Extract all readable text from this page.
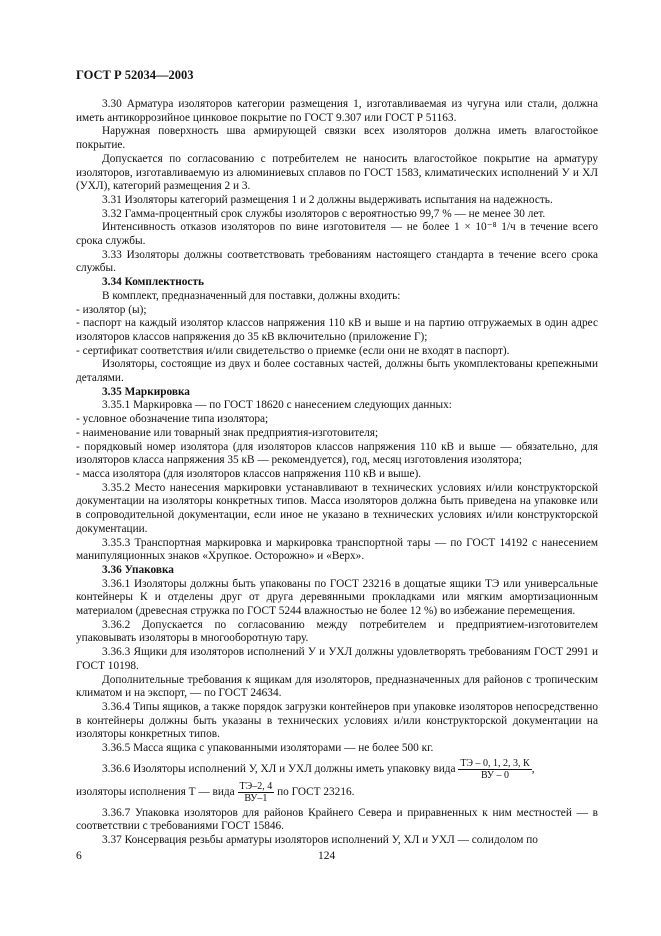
ГОСТ Р 52034—2003

3.30 Арматура изоляторов категории размещения 1, изготавливаемая из чугуна или стали, должна иметь антикоррозийное цинковое покрытие по ГОСТ 9.307 или ГОСТ Р 51163.

Наружная поверхность шва армирующей связки всех изоляторов должна иметь влагостойкое покрытие.

Допускается по согласованию с потребителем не наносить влагостойкое покрытие на арматуру изоляторов, изготавливаемую из алюминиевых сплавов по ГОСТ 1583, климатических исполнений У и ХЛ (УХЛ), категорий размещения 2 и 3.

3.31 Изоляторы категорий размещения 1 и 2 должны выдерживать испытания на надежность.

3.32 Гамма-процентный срок службы изоляторов с вероятностью 99,7 % — не менее 30 лет.

Интенсивность отказов изоляторов по вине изготовителя — не более 1 × 10⁻⁸ 1/ч в течение всего срока службы.

3.33 Изоляторы должны соответствовать требованиям настоящего стандарта в течение всего срока службы.

3.34 Комплектность

В комплект, предназначенный для поставки, должны входить:

- изолятор (ы);

- паспорт на каждый изолятор классов напряжения 110 кВ и выше и на партию отгружаемых в один адрес изоляторов классов напряжения до 35 кВ включительно (приложение Г);

- сертификат соответствия и/или свидетельство о приемке (если они не входят в паспорт).

Изоляторы, состоящие из двух и более составных частей, должны быть укомплектованы крепежными деталями.

3.35 Маркировка

3.35.1 Маркировка — по ГОСТ 18620 с нанесением следующих данных:

- условное обозначение типа изолятора;

- наименование или товарный знак предприятия-изготовителя;

- порядковый номер изолятора (для изоляторов классов напряжения 110 кВ и выше — обязательно, для изоляторов класса напряжения 35 кВ — рекомендуется), год, месяц изготовления изолятора;

- масса изолятора (для изоляторов классов напряжения 110 кВ и выше).

3.35.2 Место нанесения маркировки устанавливают в технических условиях и/или конструкторской документации на изоляторы конкретных типов. Масса изоляторов должна быть приведена на упаковке или в сопроводительной документации, если иное не указано в технических условиях и/или конструкторской документации.

3.35.3 Транспортная маркировка и маркировка транспортной тары — по ГОСТ 14192 с нанесением манипуляционных знаков «Хрупкое. Осторожно» и «Верх».

3.36 Упаковка

3.36.1 Изоляторы должны быть упакованы по ГОСТ 23216 в дощатые ящики ТЭ или универсальные контейнеры К и отделены друг от друга деревянными прокладками или мягким амортизационным материалом (древесная стружка по ГОСТ 5244 влажностью не более 12 %) во избежание перемещения.

3.36.2 Допускается по согласованию между потребителем и предприятием-изготовителем упаковывать изоляторы в многооборотную тару.

3.36.3 Ящики для изоляторов исполнений У и УХЛ должны удовлетворять требованиям ГОСТ 2991 и ГОСТ 10198.

Дополнительные требования к ящикам для изоляторов, предназначенных для районов с тропическим климатом и на экспорт, — по ГОСТ 24634.

3.36.4 Типы ящиков, а также порядок загрузки контейнеров при упаковке изоляторов непосредственно в контейнеры должны быть указаны в технических условиях и/или конструкторской документации на изоляторы конкретных типов.

3.36.5 Масса ящика с упакованными изоляторами — не более 500 кг.

3.36.6 Изоляторы исполнений У, ХЛ и УХЛ должны иметь упаковку вида $\frac{ТЭ - 0, 1, 2, 3, К}{ВУ - 0}$ ,

изоляторы исполнения Т — вида $\frac{ТЭ-2, 4}{ВУ-1}$ по ГОСТ 23216.

3.36.7 Упаковка изоляторов для районов Крайнего Севера и приравненных к ним местностей — в соответствии с требованиями ГОСТ 15846.

3.37 Консервация резьбы арматуры изоляторов исполнений У, ХЛ и УХЛ — солидолом по

6	124
